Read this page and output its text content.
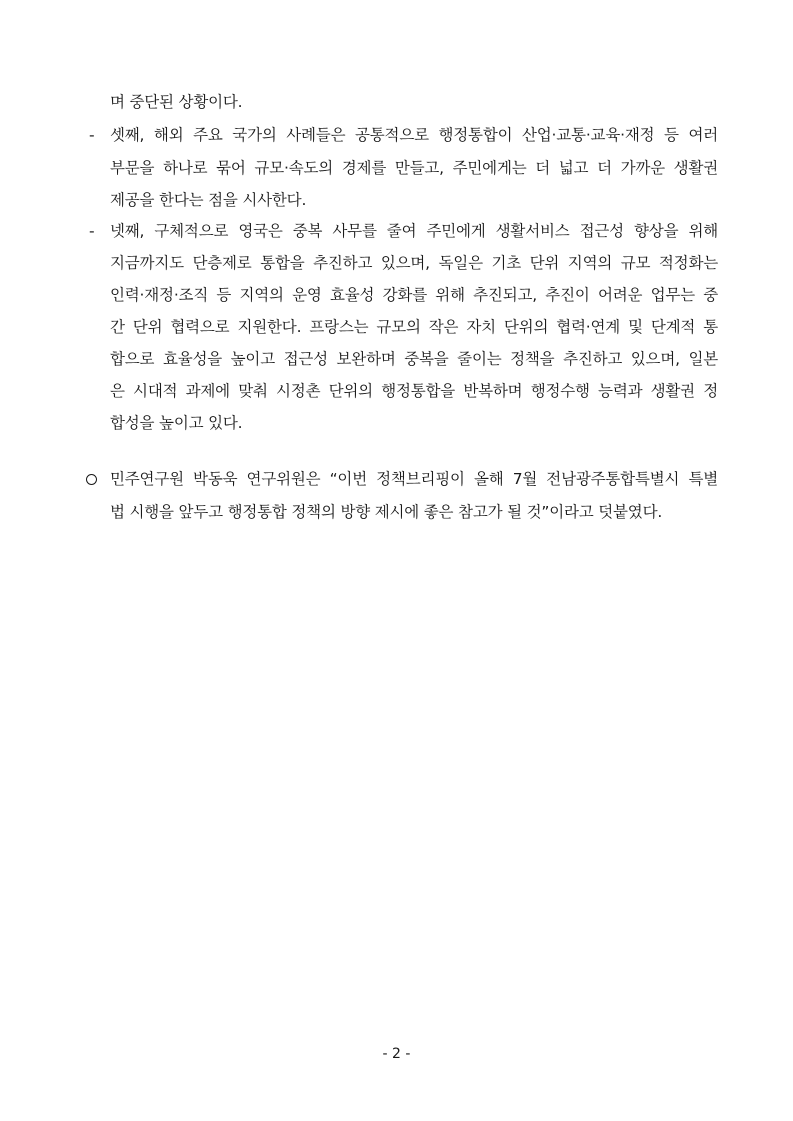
며 중단된 상황이다.
- 셋째, 해외 주요 국가의 사례들은 공통적으로 행정통합이 산업·교통·교육·재정 등 여러
부문을 하나로 묶어 규모·속도의 경제를 만들고, 주민에게는 더 넓고 더 가까운 생활권
제공을 한다는 점을 시사한다.
- 넷째, 구체적으로 영국은 중복 사무를 줄여 주민에게 생활서비스 접근성 향상을 위해
지금까지도 단층제로 통합을 추진하고 있으며, 독일은 기초 단위 지역의 규모 적정화는
인력·재정·조직 등 지역의 운영 효율성 강화를 위해 추진되고, 추진이 어려운 업무는 중
간 단위 협력으로 지원한다. 프랑스는 규모의 작은 자치 단위의 협력·연계 및 단계적 통
합으로 효율성을 높이고 접근성 보완하며 중복을 줄이는 정책을 추진하고 있으며, 일본
은 시대적 과제에 맞춰 시정촌 단위의 행정통합을 반복하며 행정수행 능력과 생활권 정
합성을 높이고 있다.
민주연구원 박동욱 연구위원은 “이번 정책브리핑이 올해 7월 전남광주통합특별시 특별
법 시행을 앞두고 행정통합 정책의 방향 제시에 좋은 참고가 될 것”이라고 덧붙였다.
- 2 -
